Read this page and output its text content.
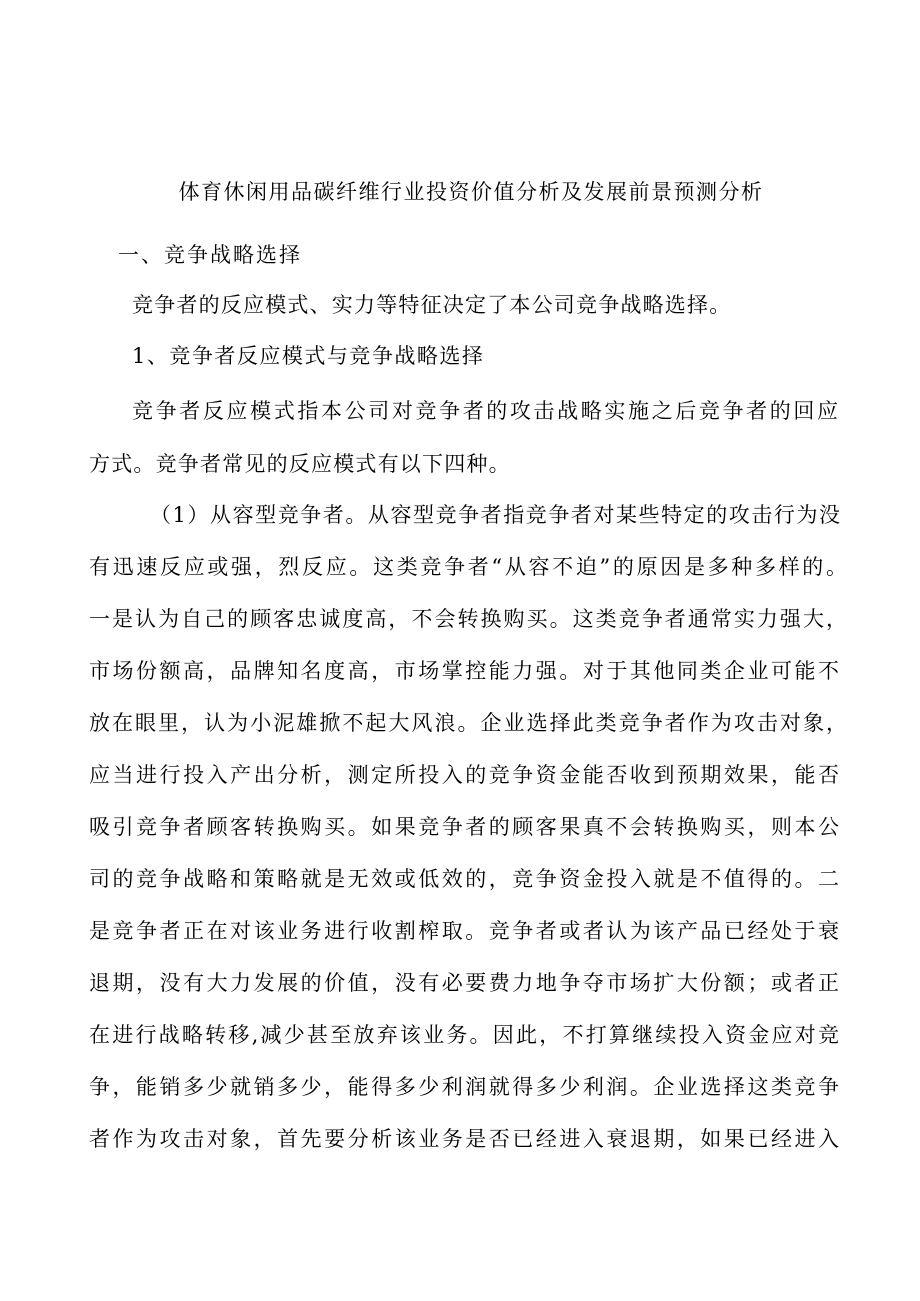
体育休闲用品碳纤维行业投资价值分析及发展前景预测分析
一、竞争战略选择
竞争者的反应模式、实力等特征决定了本公司竞争战略选择。
1、竞争者反应模式与竞争战略选择
竞争者反应模式指本公司对竞争者的攻击战略实施之后竞争者的回应
方式。竞争者常见的反应模式有以下四种。
（1）从容型竞争者。从容型竞争者指竞争者对某些特定的攻击行为没
有迅速反应或强，烈反应。这类竞争者“从容不迫”的原因是多种多样的。
一是认为自己的顾客忠诚度高，不会转换购买。这类竞争者通常实力强大，
市场份额高，品牌知名度高，市场掌控能力强。对于其他同类企业可能不
放在眼里，认为小泥雄掀不起大风浪。企业选择此类竞争者作为攻击对象，
应当进行投入产出分析，测定所投入的竞争资金能否收到预期效果，能否
吸引竞争者顾客转换购买。如果竞争者的顾客果真不会转换购买，则本公
司的竞争战略和策略就是无效或低效的，竞争资金投入就是不值得的。二
是竞争者正在对该业务进行收割榨取。竞争者或者认为该产品已经处于衰
退期，没有大力发展的价值，没有必要费力地争夺市场扩大份额；或者正
在进行战略转移,减少甚至放弃该业务。因此，不打算继续投入资金应对竞
争，能销多少就销多少，能得多少利润就得多少利润。企业选择这类竞争
者作为攻击对象，首先要分析该业务是否已经进入衰退期，如果已经进入
